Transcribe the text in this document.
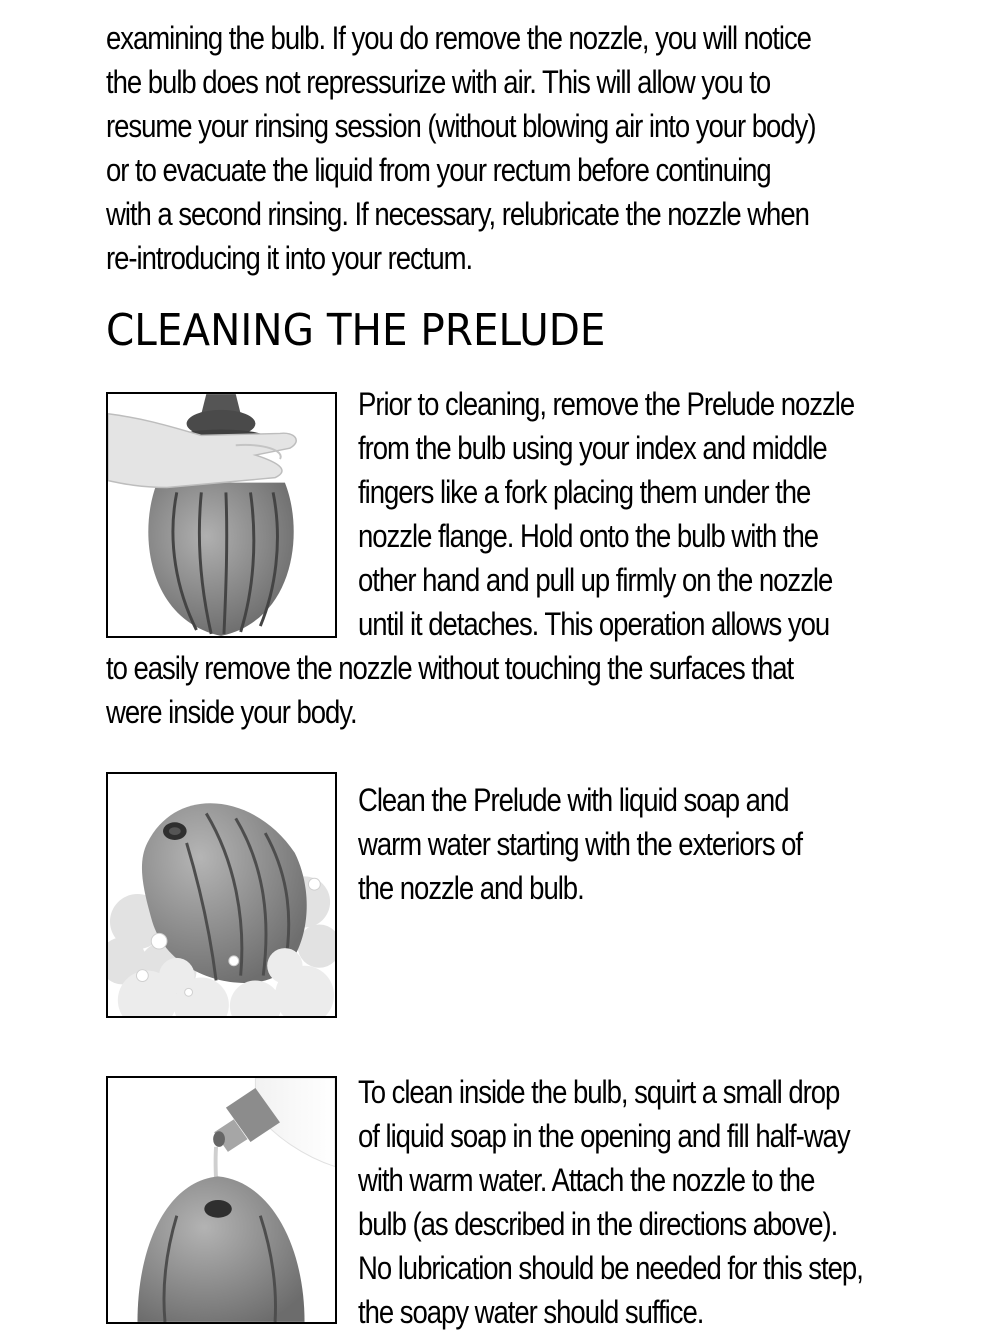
examining the bulb. If you do remove the nozzle, you will notice
the bulb does not repressurize with air. This will allow you to
resume your rinsing session (without blowing air into your body)
or to evacuate the liquid from your rectum before continuing
with a second rinsing. If necessary, relubricate the nozzle when
re-introducing it into your rectum.
CLEANING THE PRELUDE
Prior to cleaning, remove the Prelude nozzle
from the bulb using your index and middle
fingers like a fork placing them under the
nozzle flange. Hold onto the bulb with the
other hand and pull up firmly on the nozzle
until it detaches. This operation allows you
to easily remove the nozzle without touching the surfaces that
were inside your body.
Clean the Prelude with liquid soap and
warm water starting with the exteriors of
the nozzle and bulb.
To clean inside the bulb, squirt a small drop
of liquid soap in the opening and fill half-way
with warm water. Attach the nozzle to the
bulb (as described in the directions above).
No lubrication should be needed for this step,
the soapy water should suffice.
